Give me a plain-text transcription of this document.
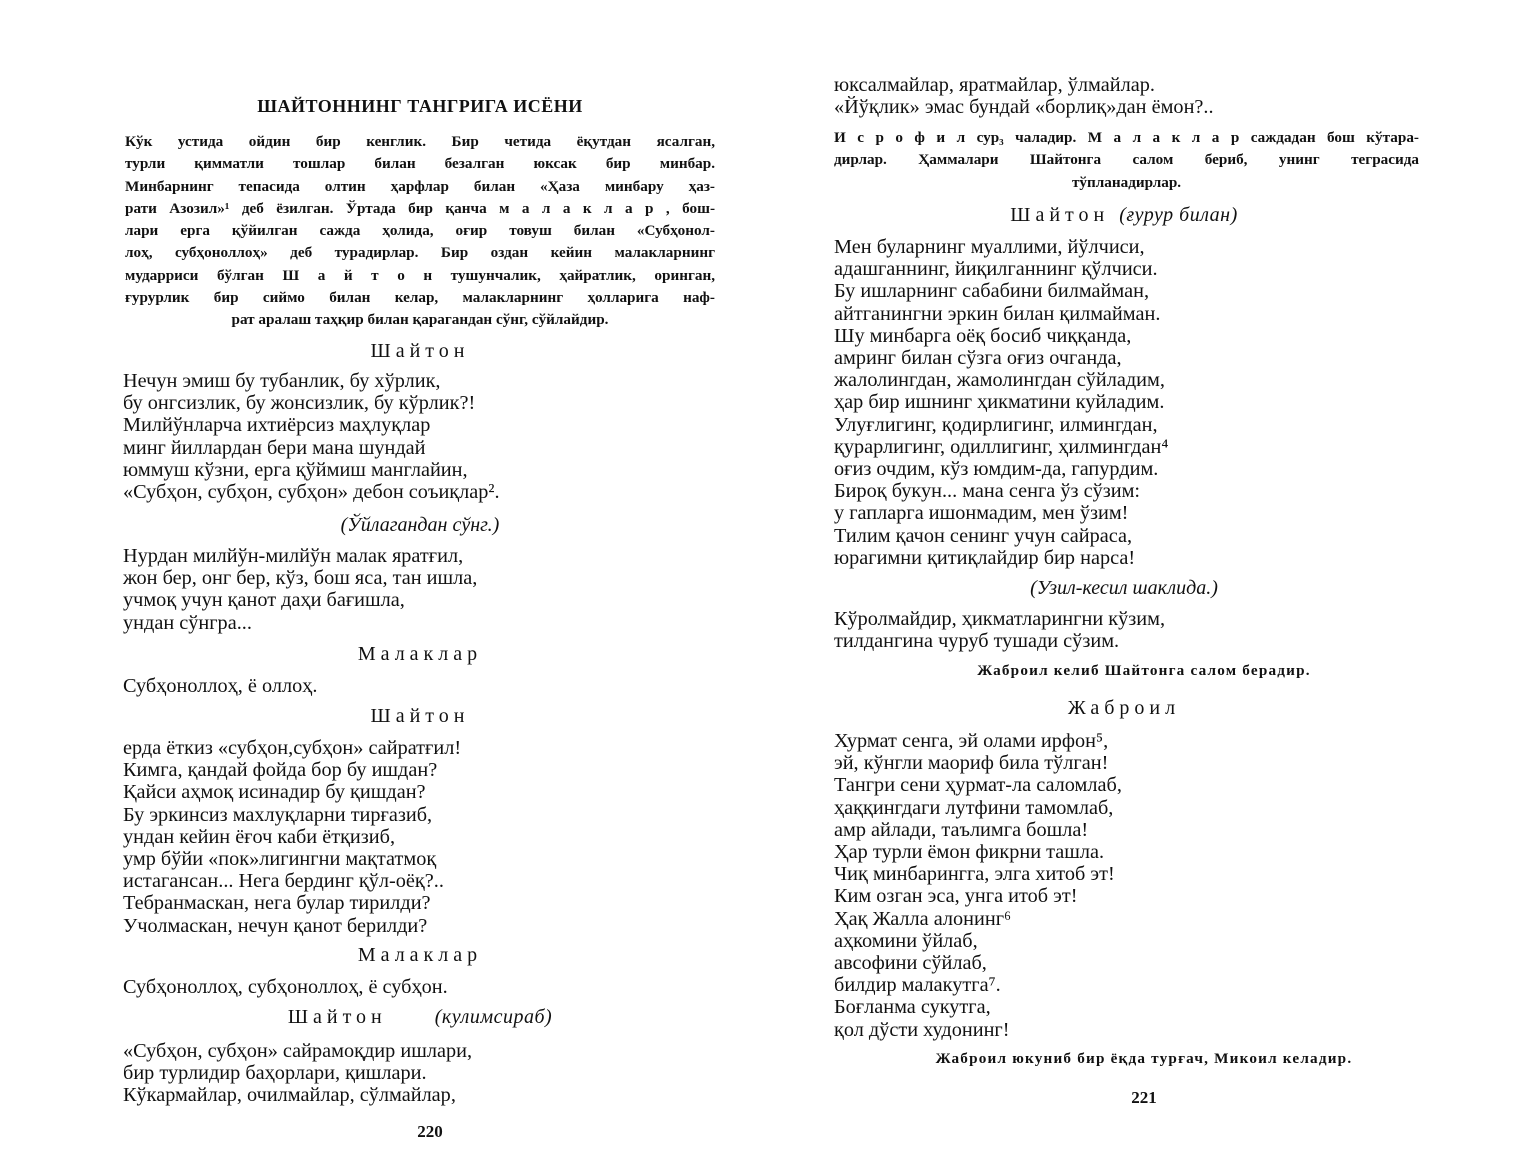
ШАЙТОННИНГ ТАНГРИГА ИСЁНИ
Кўк устида ойдин бир кенглик. Бир четида ёқутдан ясалган,
турли қимматли тошлар билан безалган юксак бир минбар.
Минбарнинг тепасида олтин ҳарфлар билан «Ҳаза минбару ҳаз-
рати Азозил»¹ деб ёзилган. Ўртада бир қанча м а л а к л а р , бош-
лари ерга қўйилган сажда ҳолида, оғир товуш билан «Субҳонол-
лоҳ, субҳоноллоҳ» деб турадирлар. Бир оздан кейин малакларнинг
мударриси бўлган Ш а й т о н тушунчалик, ҳайратлик, оринган,
ғурурлик бир сиймо билан келар, малакларнинг ҳолларига наф-
рат аралаш таҳқир билан қарагандан сўнг, сўйлайдир.

Шайтон

Нечун эмиш бу тубанлик, бу хўрлик,
бу онгсизлик, бу жонсизлик, бу кўрлик?!
Милйўнларча ихтиёрсиз маҳлуқлар
минг йиллардан бери мана шундай
юммуш кўзни, ерга қўймиш манглайин,
«Субҳон, субҳон, субҳон» дебон соъиқлар².

(Ўйлагандан сўнг.)

Нурдан милйўн-милйўн малак яратғил,
жон бер, онг бер, кўз, бош яса, тан ишла,
учмоқ учун қанот даҳи бағишла,
ундан сўнгра...

Малаклар

Субҳоноллоҳ, ё оллоҳ.

Шайтон

ерда ёткиз «субҳон,субҳон» сайратғил!
Кимга, қандай фойда бор бу ишдан?
Қайси аҳмоқ исинадир бу қишдан?
Бу эркинсиз махлуқларни тирғазиб,
ундан кейин ёғоч каби ётқизиб,
умр бўйи «пок»лигингни мақтатмоқ
истагансан... Нега бердинг қўл-оёқ?..
Тебранмаскан, нега булар тирилди?
Учолмаскан, нечун қанот берилди?

Малаклар

Субҳоноллоҳ, субҳоноллоҳ, ё субҳон.

Шайтон (кулимсираб)

«Субҳон, субҳон» сайрамоқдир ишлари,
бир турлидир баҳорлари, қишлари.
Кўкармайлар, очилмайлар, сўлмайлар,

220

юксалмайлар, яратмайлар, ўлмайлар.
«Йўқлик» эмас бундай «борлиқ»дан ёмон?..
И с р о ф и л сур₃ чаладир. М а л а к л а р саждадан бош кўтара-
дирлар. Ҳаммалари Шайтонга салом бериб, унинг теграсида
тўпланадирлар.

Шайтон (ғурур билан)

Мен буларнинг муаллими, йўлчиси,
адашганнинг, йиқилганнинг қўлчиси.
Бу ишларнинг сабабини билмайман,
айтганингни эркин билан қилмайман.
Шу минбарга оёқ босиб чиққанда,
амринг билан сўзга оғиз очганда,
жалолингдан, жамолингдан сўйладим,
ҳар бир ишнинг ҳикматини куйладим.
Улуғлигинг, қодирлигинг, илмингдан,
қурарлигинг, одиллигинг, ҳилмингдан⁴
оғиз очдим, кўз юмдим-да, гапурдим.
Бироқ букун... мана сенга ўз сўзим:
у гапларга ишонмадим, мен ўзим!
Тилим қачон сенинг учун сайраса,
юрагимни қитиқлайдир бир нарса!

(Узил-кесил шаклида.)

Кўролмайдир, ҳикматларингни кўзим,
тилдангина чуруб тушади сўзим.

Жаброил келиб Шайтонга салом берадир.

Жаброил

Хурмат сенга, эй олами ирфон⁵,
эй, кўнгли маориф била тўлган!
Тангри сени ҳурмат-ла саломлаб,
ҳаққингдаги лутфини тамомлаб,
амр айлади, таълимга бошла!
Ҳар турли ёмон фикрни ташла.
Чиқ минбарингга, элга хитоб эт!
Ким озган эса, унга итоб эт!
Ҳақ Жалла алонинг⁶
аҳкомини ўйлаб,
авсофини сўйлаб,
билдир малакутга⁷.
Боғланма сукутга,
қол дўсти худонинг!

Жаброил юкуниб бир ёқда турғач, Микоил келадир.

221
